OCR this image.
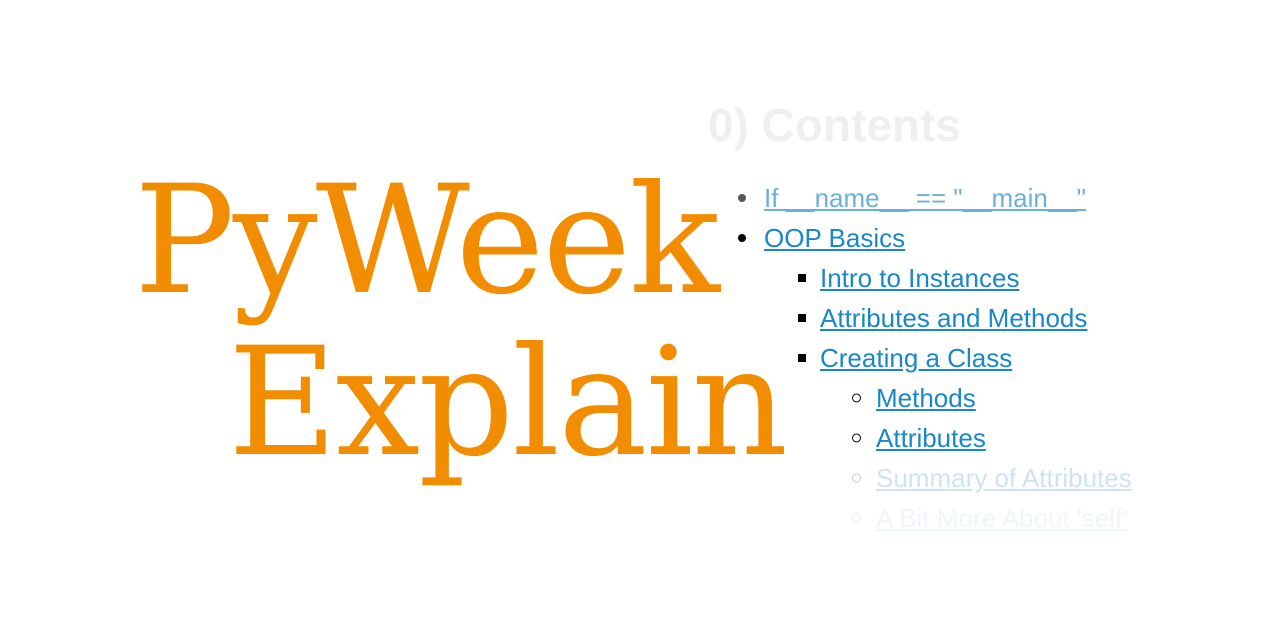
PyWeek
Explain
0) Contents
If __name__ == "__main__"
OOP Basics
Intro to Instances
Attributes and Methods
Creating a Class
Methods
Attributes
Summary of Attributes
A Bit More About 'self'
